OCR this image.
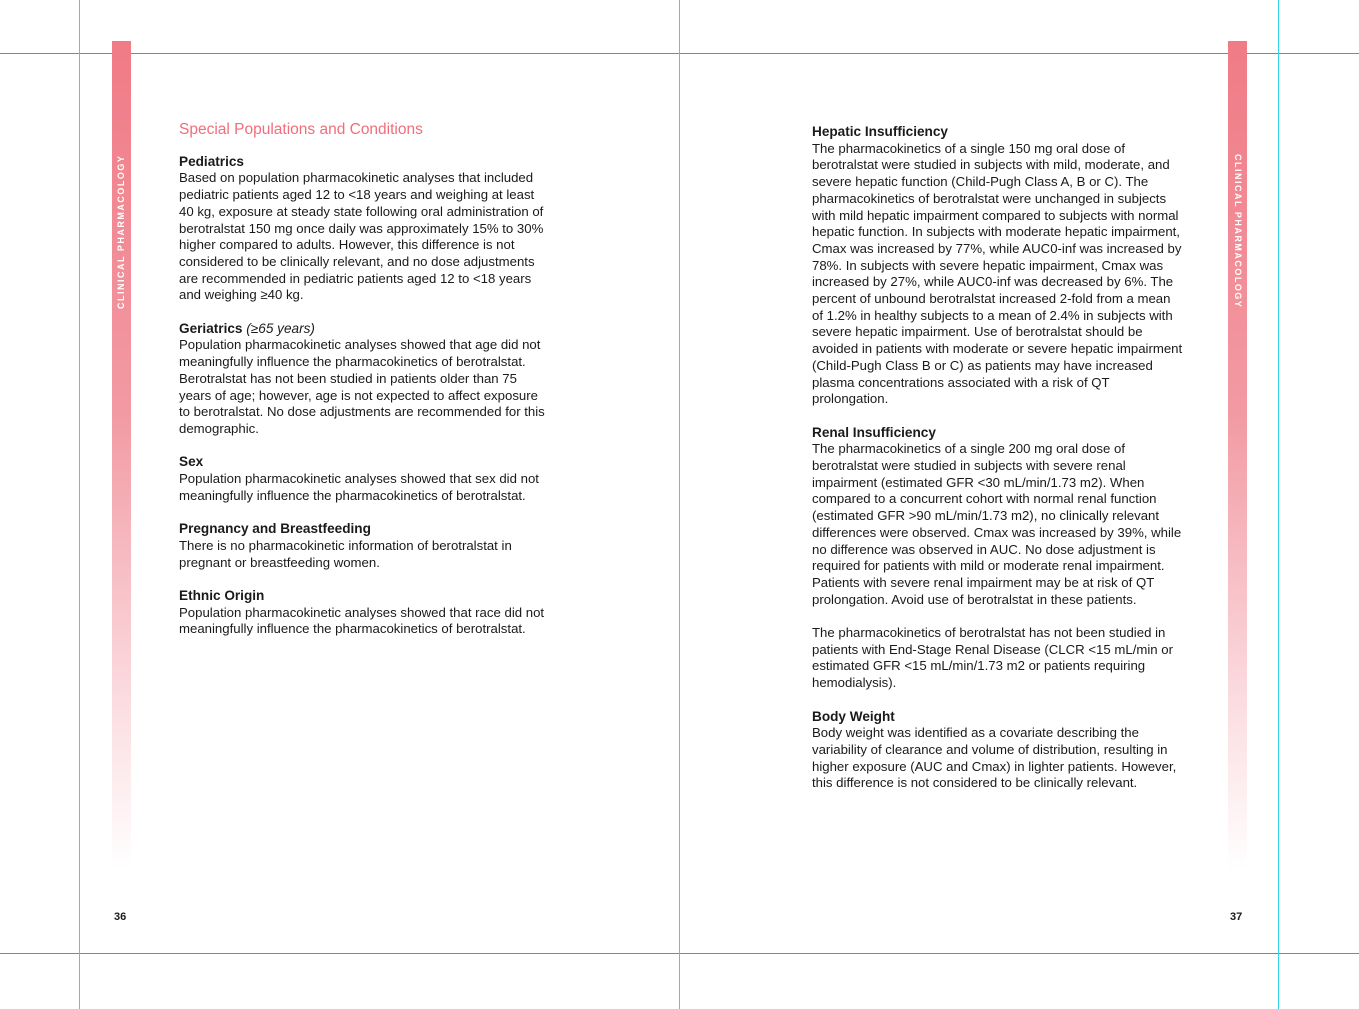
CLINICAL PHARMACOLOGY	CLINICAL PHARMACOLOGY
Special Populations and Conditions
Pediatrics

Based on population pharmacokinetic analyses that included pediatric patients aged 12 to <18 years and weighing at least 40 kg, exposure at steady state following oral administration of berotralstat 150 mg once daily was approximately 15% to 30% higher compared to adults. However, this difference is not considered to be clinically relevant, and no dose adjustments are recommended in pediatric patients aged 12 to <18 years and weighing ≥40 kg.

Geriatrics (≥65 years)

Population pharmacokinetic analyses showed that age did not meaningfully influence the pharmacokinetics of berotralstat. Berotralstat has not been studied in patients older than 75 years of age; however, age is not expected to affect exposure to berotralstat. No dose adjustments are recommended for this demographic.

Sex

Population pharmacokinetic analyses showed that sex did not meaningfully influence the pharmacokinetics of berotralstat.

Pregnancy and Breastfeeding

There is no pharmacokinetic information of berotralstat in pregnant or breastfeeding women.

Ethnic Origin

Population pharmacokinetic analyses showed that race did not meaningfully influence the pharmacokinetics of berotralstat.

Hepatic Insufficiency

The pharmacokinetics of a single 150 mg oral dose of berotralstat were studied in subjects with mild, moderate, and severe hepatic function (Child-Pugh Class A, B or C). The pharmacokinetics of berotralstat were unchanged in subjects with mild hepatic impairment compared to subjects with normal hepatic function. In subjects with moderate hepatic impairment, Cmax was increased by 77%, while AUC0-inf was increased by 78%. In subjects with severe hepatic impairment, Cmax was increased by 27%, while AUC0-inf was decreased by 6%. The percent of unbound berotralstat increased 2-fold from a mean of 1.2% in healthy subjects to a mean of 2.4% in subjects with severe hepatic impairment. Use of berotralstat should be avoided in patients with moderate or severe hepatic impairment (Child-Pugh Class B or C) as patients may have increased plasma concentrations associated with a risk of QT prolongation.

Renal Insufficiency

The pharmacokinetics of a single 200 mg oral dose of berotralstat were studied in subjects with severe renal impairment (estimated GFR <30 mL/min/1.73 m2). When compared to a concurrent cohort with normal renal function (estimated GFR >90 mL/min/1.73 m2), no clinically relevant differences were observed. Cmax was increased by 39%, while no difference was observed in AUC. No dose adjustment is required for patients with mild or moderate renal impairment. Patients with severe renal impairment may be at risk of QT prolongation. Avoid use of berotralstat in these patients.

The pharmacokinetics of berotralstat has not been studied in patients with End-Stage Renal Disease (CLCR <15 mL/min or estimated GFR <15 mL/min/1.73 m2 or patients requiring hemodialysis).

Body Weight

Body weight was identified as a covariate describing the variability of clearance and volume of distribution, resulting in higher exposure (AUC and Cmax) in lighter patients. However, this difference is not considered to be clinically relevant.

36	37
